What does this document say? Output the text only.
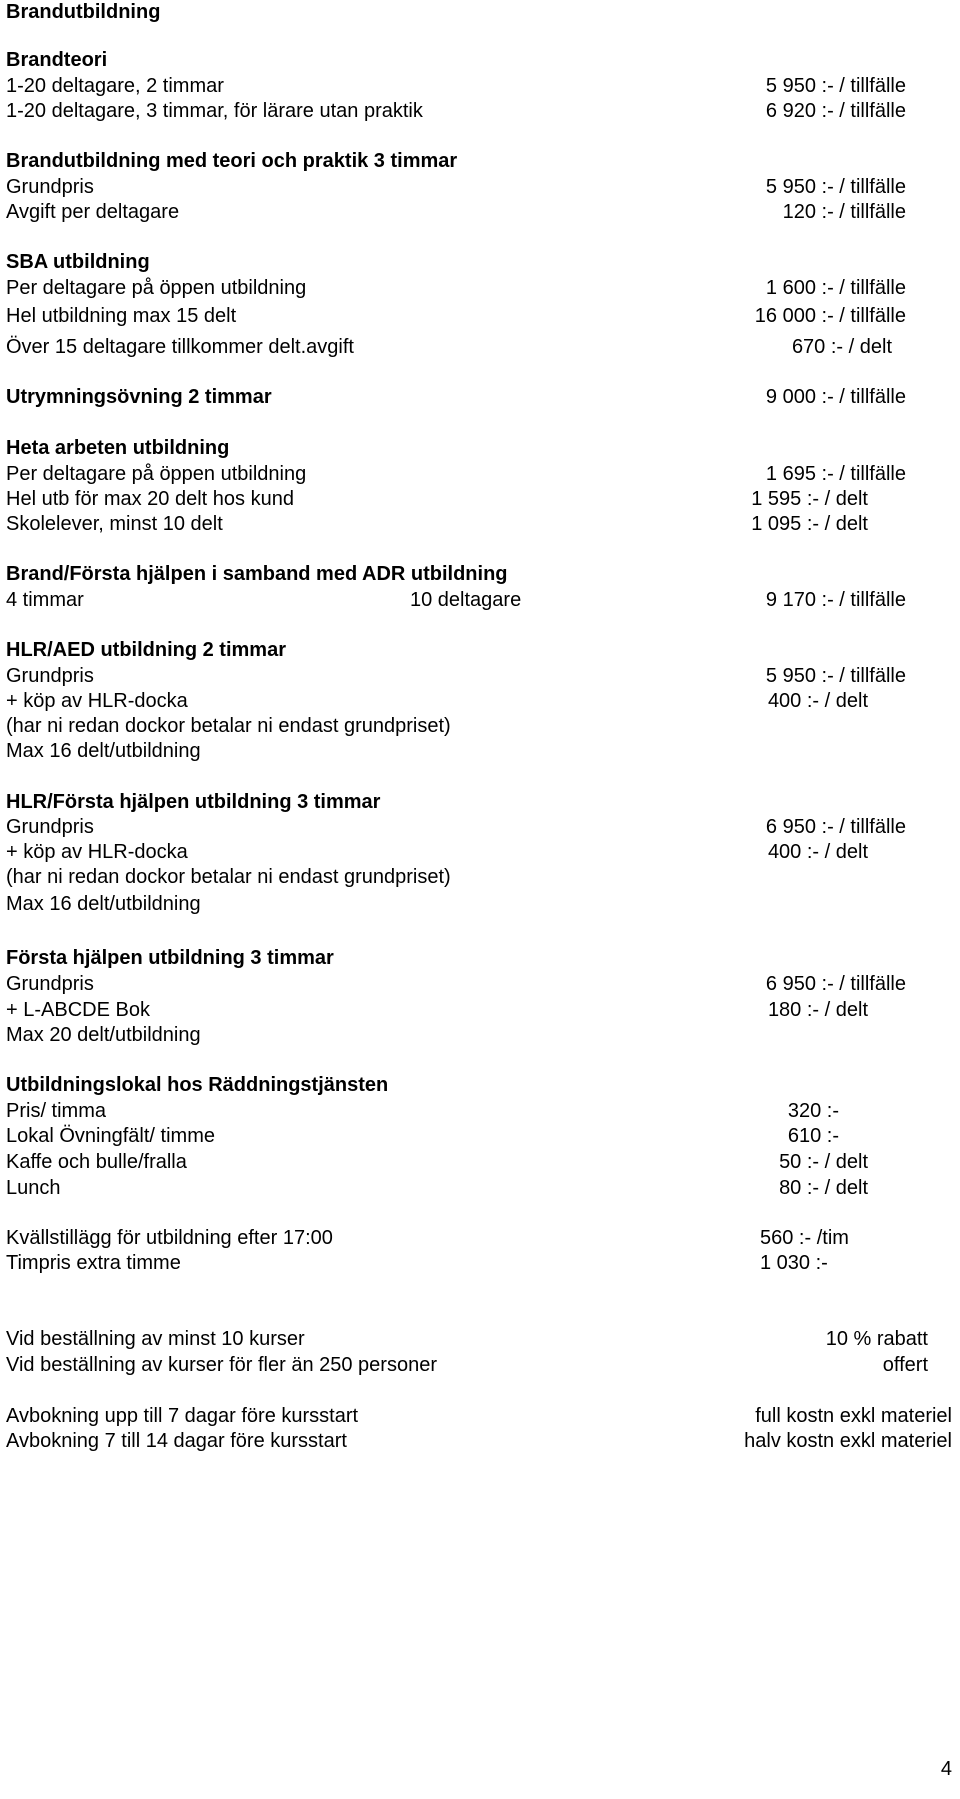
Brandutbildning
Brandteori
1-20 deltagare, 2 timmar	5 950 :- / tillfälle
1-20 deltagare, 3 timmar, för lärare utan praktik	6 920 :- / tillfälle
Brandutbildning med teori och praktik 3 timmar
Grundpris	5 950 :- / tillfälle
Avgift per deltagare	120 :- / tillfälle
SBA utbildning
Per deltagare på öppen utbildning	1 600 :- / tillfälle
Hel utbildning max 15 delt	16 000 :- / tillfälle
Över 15 deltagare tillkommer delt.avgift	670 :- / delt
Utrymningsövning 2 timmar	9 000 :- / tillfälle
Heta arbeten utbildning
Per deltagare på öppen utbildning	1 695 :- / tillfälle
Hel utb för max 20 delt hos kund	1 595 :- / delt
Skolelever, minst 10 delt	1 095 :- / delt
Brand/Första hjälpen i samband med ADR utbildning
4 timmar	10 deltagare	9 170 :- / tillfälle
HLR/AED utbildning 2 timmar
Grundpris	5 950 :- / tillfälle
+ köp av HLR-docka	400 :- / delt
(har ni redan dockor betalar ni endast grundpriset)
Max 16 delt/utbildning
HLR/Första hjälpen utbildning 3 timmar
Grundpris	6 950 :- / tillfälle
+ köp av HLR-docka	400 :- / delt
(har ni redan dockor betalar ni endast grundpriset)
Max 16 delt/utbildning
Första hjälpen utbildning 3 timmar
Grundpris	6 950 :- / tillfälle
+ L-ABCDE Bok	180 :- / delt
Max 20 delt/utbildning
Utbildningslokal hos Räddningstjänsten
Pris/ timma	320 :-
Lokal Övningfält/ timme	610 :-
Kaffe och bulle/fralla	50 :- / delt
Lunch	80 :- / delt
Kvällstillägg för utbildning efter 17:00	560 :- /tim
Timpris extra timme	1 030 :-
Vid beställning av minst 10 kurser	10 % rabatt
Vid beställning av kurser för fler än 250 personer	offert
Avbokning upp till 7 dagar före kursstart	full kostn exkl materiel
Avbokning 7 till 14 dagar före kursstart	halv kostn exkl materiel
4
